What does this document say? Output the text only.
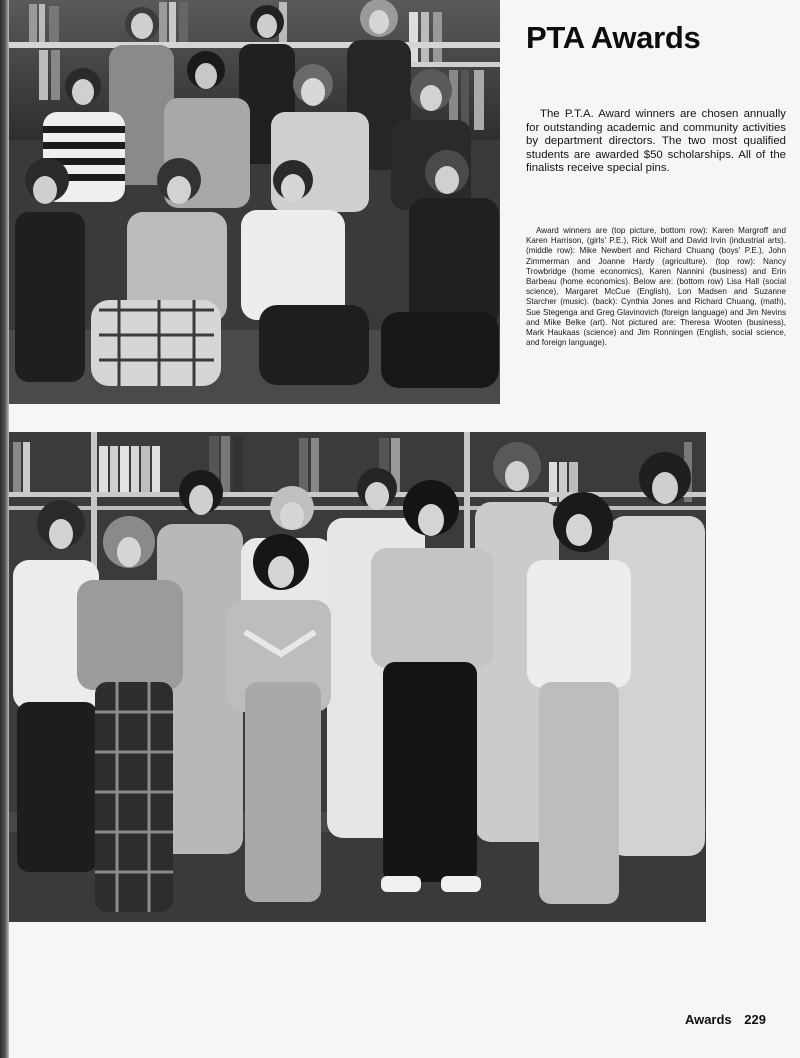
PTA Awards

The P.T.A. Award winners are chosen annually for outstanding academic and community activities by department directors. The two most qualified students are awarded $50 scholarships. All of the finalists receive special pins.

Award winners are (top picture, bottom row): Karen Margroff and Karen Harrison, (girls' P.E.), Rick Wolf and David Irvin (industrial arts). (middle row): Mike Newbert and Richard Chuang (boys' P.E.), John Zimmerman and Joanne Hardy (agriculture). (top row): Nancy Trowbridge (home economics), Karen Nannini (business) and Erin Barbeau (home economics). Below are: (bottom row) Lisa Hall (social science), Margaret McCue (English), Lon Madsen and Suzanne Starcher (music). (back): Cynthia Jones and Richard Chuang, (math), Sue Stegenga and Greg Glavinovich (foreign language) and Jim Nevins and Mike Belke (art). Not pictured are: Theresa Wooten (business), Mark Haukaas (science) and Jim Ronningen (English, social science, and foreign language).

Awards 229
